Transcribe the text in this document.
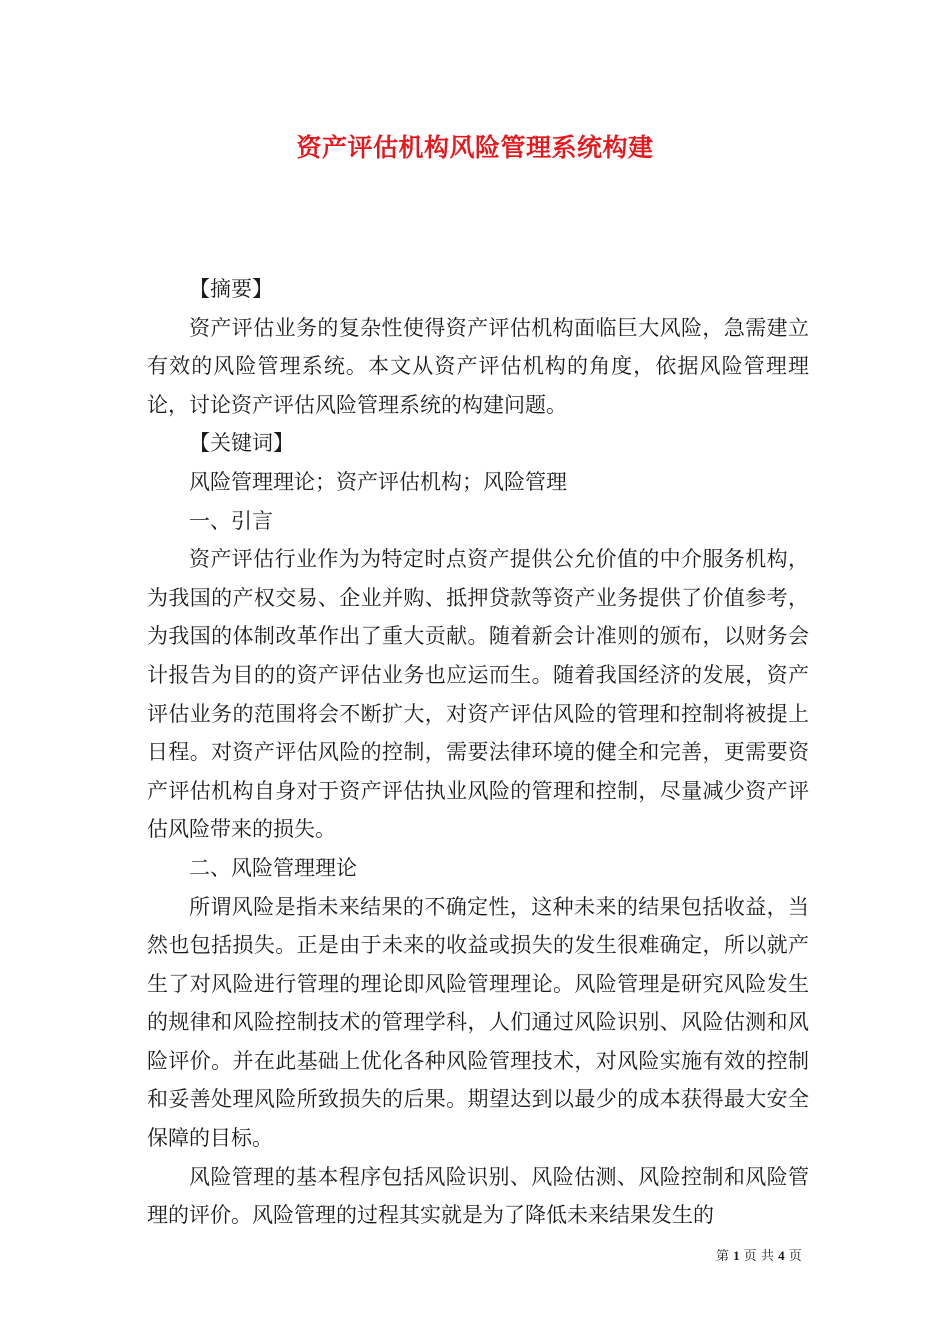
资产评估机构风险管理系统构建

【摘要】

资产评估业务的复杂性使得资产评估机构面临巨大风险，急需建立有效的风险管理系统。本文从资产评估机构的角度，依据风险管理理论，讨论资产评估风险管理系统的构建问题。

【关键词】

风险管理理论；资产评估机构；风险管理

一、引言

资产评估行业作为为特定时点资产提供公允价值的中介服务机构，为我国的产权交易、企业并购、抵押贷款等资产业务提供了价值参考，为我国的体制改革作出了重大贡献。随着新会计准则的颁布，以财务会计报告为目的的资产评估业务也应运而生。随着我国经济的发展，资产评估业务的范围将会不断扩大，对资产评估风险的管理和控制将被提上日程。对资产评估风险的控制，需要法律环境的健全和完善，更需要资产评估机构自身对于资产评估执业风险的管理和控制，尽量减少资产评估风险带来的损失。

二、风险管理理论

所谓风险是指未来结果的不确定性，这种未来的结果包括收益，当然也包括损失。正是由于未来的收益或损失的发生很难确定，所以就产生了对风险进行管理的理论即风险管理理论。风险管理是研究风险发生的规律和风险控制技术的管理学科，人们通过风险识别、风险估测和风险评价。并在此基础上优化各种风险管理技术，对风险实施有效的控制和妥善处理风险所致损失的后果。期望达到以最少的成本获得最大安全保障的目标。

风险管理的基本程序包括风险识别、风险估测、风险控制和风险管理的评价。风险管理的过程其实就是为了降低未来结果发生的

第 1 页 共 4 页
